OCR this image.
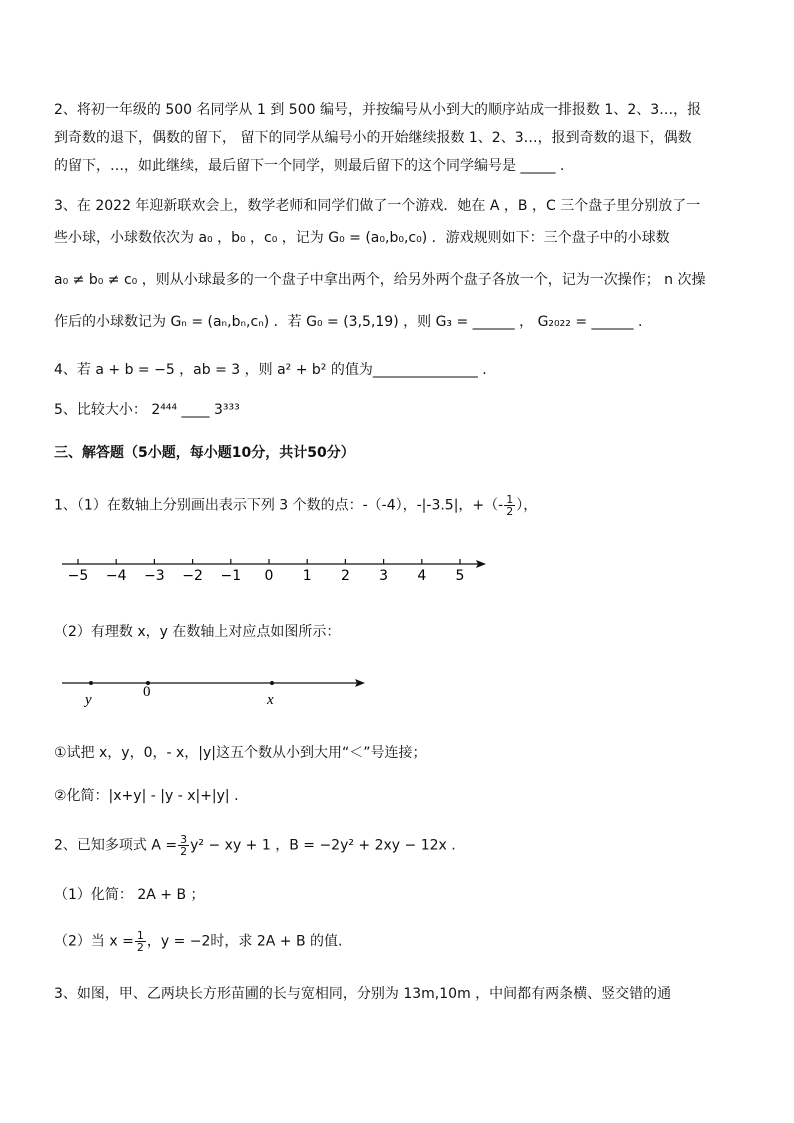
2、将初一年级的 500 名同学从 1 到 500 编号，并按编号从小到大的顺序站成一排报数 1、2、3…，报
到奇数的退下，偶数的留下， 留下的同学从编号小的开始继续报数 1、2、3…，报到奇数的退下，偶数
的留下，…，如此继续，最后留下一个同学，则最后留下的这个同学编号是 _____ .
3、在 2022 年迎新联欢会上，数学老师和同学们做了一个游戏．她在 A ，B ，C 三个盘子里分别放了一
些小球，小球数依次为 a₀ ，b₀ ，c₀ ，记为 G₀ = (a₀,b₀,c₀) ．游戏规则如下：三个盘子中的小球数
a₀ ≠ b₀ ≠ c₀ ，则从小球最多的一个盘子中拿出两个，给另外两个盘子各放一个，记为一次操作； n 次操
作后的小球数记为 Gₙ = (aₙ,bₙ,cₙ) ．若 G₀ = (3,5,19) ，则 G₃ = ______ ， G₂₀₂₂ = ______ .
4、若 a + b = −5 ，ab = 3 ，则 a² + b² 的值为_______________ .
5、比较大小： 2⁴⁴⁴ ____ 3³³³
三、解答题（5小题，每小题10分，共计50分）
1、（1）在数轴上分别画出表示下列 3 个数的点：-（-4），-|-3.5|，+（- $\frac{1}{2}$ ），
−5 −4 −3 −2 −1 0 1 2 3 4 5
y	0	x
（2）有理数 x，y 在数轴上对应点如图所示：
①试把 x，y，0，- x，|y|这五个数从小到大用“＜”号连接；
②化简：|x+y| - |y - x|+|y| .
2、已知多项式 $A = \frac{3}{2} y^2$ − xy + 1 ，B = −2y² + 2xy − 12x .
（1）化简： 2A + B ；
（2）当 $x = \frac{1}{2}$ ，y = −2时，求 2A + B 的值.
3、如图，甲、乙两块长方形苗圃的长与宽相同，分别为 13m,10m ，中间都有两条横、竖交错的通
